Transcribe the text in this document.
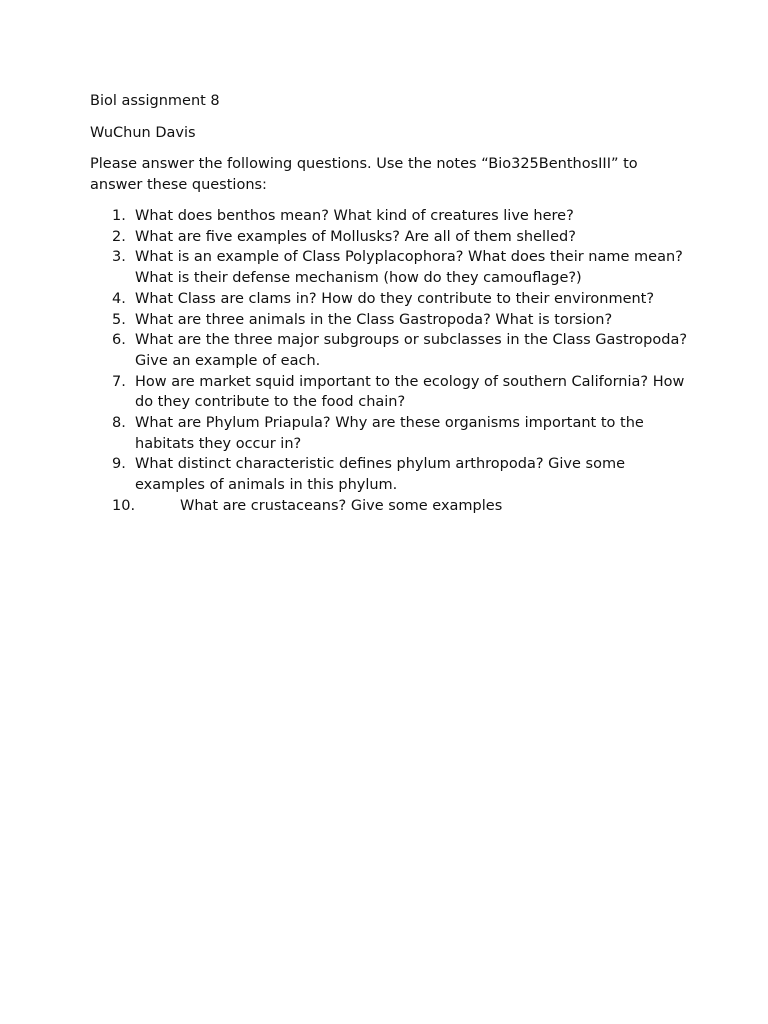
Biol assignment 8

WuChun Davis

Please answer the following questions. Use the notes “Bio325BenthosIII” to answer these questions:

1. What does benthos mean? What kind of creatures live here?
2. What are five examples of Mollusks? Are all of them shelled?
3. What is an example of Class Polyplacophora? What does their name mean? What is their defense mechanism (how do they camouflage?)
4. What Class are clams in? How do they contribute to their environment?
5. What are three animals in the Class Gastropoda? What is torsion?
6. What are the three major subgroups or subclasses in the Class Gastropoda? Give an example of each.
7. How are market squid important to the ecology of southern California? How do they contribute to the food chain?
8. What are Phylum Priapula? Why are these organisms important to the habitats they occur in?
9. What distinct characteristic defines phylum arthropoda? Give some examples of animals in this phylum.
10.	What are crustaceans? Give some examples
